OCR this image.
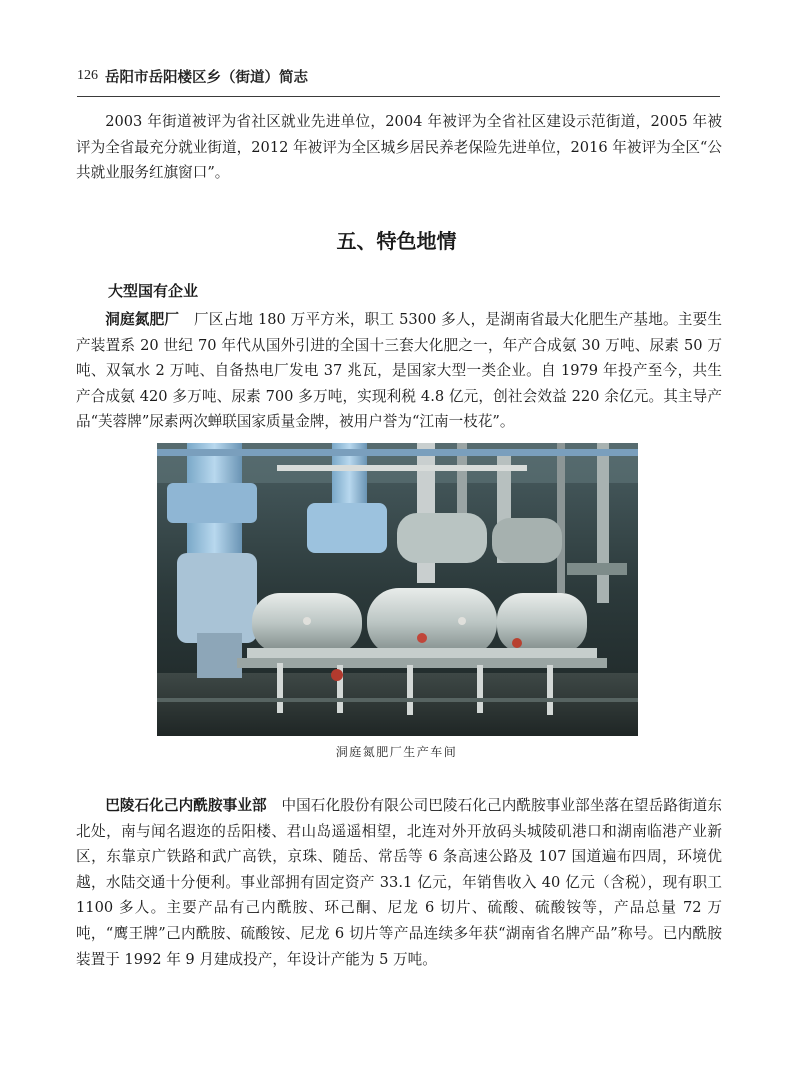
126 岳阳市岳阳楼区乡（街道）简志

2003 年街道被评为省社区就业先进单位，2004 年被评为全省社区建设示范街道，2005 年被评为全省最充分就业街道，2012 年被评为全区城乡居民养老保险先进单位，2016 年被评为全区“公共就业服务红旗窗口”。

五、特色地情
大型国有企业

洞庭氮肥厂　 厂区占地 180 万平方米，职工 5300 多人，是湖南省最大化肥生产基地。主要生产装置系 20 世纪 70 年代从国外引进的全国十三套大化肥之一，年产合成氨 30 万吨、尿素 50 万吨、双氧水 2 万吨、自备热电厂发电 37 兆瓦，是国家大型一类企业。自 1979 年投产至今，共生产合成氨 420 多万吨、尿素 700 多万吨，实现利税 4.8 亿元，创社会效益 220 余亿元。其主导产品“芙蓉牌”尿素两次蝉联国家质量金牌，被用户誉为“江南一枝花”。

洞庭氮肥厂生产车间

巴陵石化己内酰胺事业部　 中国石化股份有限公司巴陵石化己内酰胺事业部坐落在望岳路街道东北处，南与闻名遐迩的岳阳楼、君山岛遥遥相望，北连对外开放码头城陵矶港口和湖南临港产业新区，东靠京广铁路和武广高铁，京珠、随岳、常岳等 6 条高速公路及 107 国道遍布四周，环境优越，水陆交通十分便利。事业部拥有固定资产 33.1 亿元，年销售收入 40 亿元（含税），现有职工 1100 多人。主要产品有己内酰胺、环己酮、尼龙 6 切片、硫酸、硫酸铵等，产品总量 72 万吨，“鹰王牌”己内酰胺、硫酸铵、尼龙 6 切片等产品连续多年获“湖南省名牌产品”称号。已内酰胺装置于 1992 年 9 月建成投产，年设计产能为 5 万吨。
